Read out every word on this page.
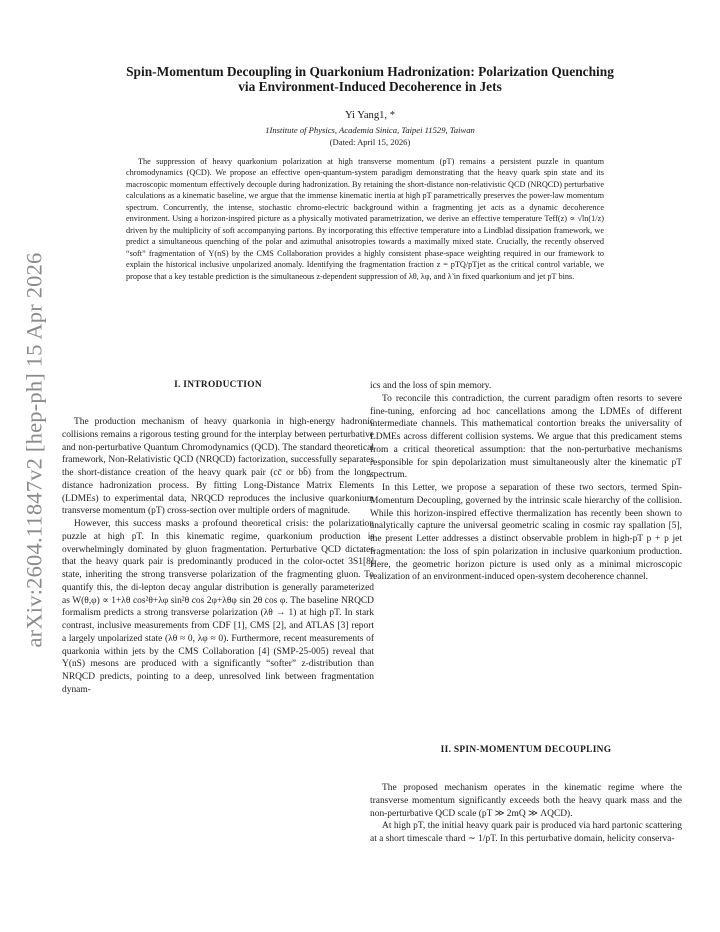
arXiv:2604.11847v2 [hep-ph] 15 Apr 2026
Spin-Momentum Decoupling in Quarkonium Hadronization: Polarization Quenching
via Environment-Induced Decoherence in Jets
Yi Yang1, *
1Institute of Physics, Academia Sinica, Taipei 11529, Taiwan
(Dated: April 15, 2026)

The suppression of heavy quarkonium polarization at high transverse momentum (pT) remains a persistent puzzle in quantum chromodynamics (QCD). We propose an effective open-quantum-system paradigm demonstrating that the heavy quark spin state and its macroscopic momentum effectively decouple during hadronization. By retaining the short-distance non-relativistic QCD (NRQCD) perturbative calculations as a kinematic baseline, we argue that the immense kinematic inertia at high pT parametrically preserves the power-law momentum spectrum. Concurrently, the intense, stochastic chromo-electric background within a fragmenting jet acts as a dynamic decoherence environment. Using a horizon-inspired picture as a physically motivated parametrization, we derive an effective temperature Teff(z) ∝ √ln(1/z) driven by the multiplicity of soft accompanying partons. By incorporating this effective temperature into a Lindblad dissipation framework, we predict a simultaneous quenching of the polar and azimuthal anisotropies towards a maximally mixed state. Crucially, the recently observed “soft” fragmentation of Υ(nS) by the CMS Collaboration provides a highly consistent phase-space weighting required in our framework to explain the historical inclusive unpolarized anomaly. Identifying the fragmentation fraction z = pTQ/pTjet as the critical control variable, we propose that a key testable prediction is the simultaneous z-dependent suppression of λθ, λφ, and λ̃ in fixed quarkonium and jet pT bins.

I. INTRODUCTION

The production mechanism of heavy quarkonia in high-energy hadronic collisions remains a rigorous testing ground for the interplay between perturbative and non-perturbative Quantum Chromodynamics (QCD). The standard theoretical framework, Non-Relativistic QCD (NRQCD) factorization, successfully separates the short-distance creation of the heavy quark pair (cc̄ or bb̄) from the long-distance hadronization process. By fitting Long-Distance Matrix Elements (LDMEs) to experimental data, NRQCD reproduces the inclusive quarkonium transverse momentum (pT) cross-section over multiple orders of magnitude.

However, this success masks a profound theoretical crisis: the polarization puzzle at high pT. In this kinematic regime, quarkonium production is overwhelmingly dominated by gluon fragmentation. Perturbative QCD dictates that the heavy quark pair is predominantly produced in the color-octet 3S1[8] state, inheriting the strong transverse polarization of the fragmenting gluon. To quantify this, the di-lepton decay angular distribution is generally parameterized as W(θ,φ) ∝ 1+λθ cos²θ+λφ sin²θ cos 2φ+λθφ sin 2θ cos φ. The baseline NRQCD formalism predicts a strong transverse polarization (λθ → 1) at high pT. In stark contrast, inclusive measurements from CDF [1], CMS [2], and ATLAS [3] report a largely unpolarized state (λθ ≈ 0, λφ ≈ 0). Furthermore, recent measurements of quarkonia within jets by the CMS Collaboration [4] (SMP-25-005) reveal that Υ(nS) mesons are produced with a significantly “softer” z-distribution than NRQCD predicts, pointing to a deep, unresolved link between fragmentation dynam-

ics and the loss of spin memory.

To reconcile this contradiction, the current paradigm often resorts to severe fine-tuning, enforcing ad hoc cancellations among the LDMEs of different intermediate channels. This mathematical contortion breaks the universality of LDMEs across different collision systems. We argue that this predicament stems from a critical theoretical assumption: that the non-perturbative mechanisms responsible for spin depolarization must simultaneously alter the kinematic pT spectrum.

In this Letter, we propose a separation of these two sectors, termed Spin-Momentum Decoupling, governed by the intrinsic scale hierarchy of the collision. While this horizon-inspired effective thermalization has recently been shown to analytically capture the universal geometric scaling in cosmic ray spallation [5], the present Letter addresses a distinct observable problem in high-pT p + p jet fragmentation: the loss of spin polarization in inclusive quarkonium production. Here, the geometric horizon picture is used only as a minimal microscopic realization of an environment-induced open-system decoherence channel.

II. SPIN-MOMENTUM DECOUPLING

The proposed mechanism operates in the kinematic regime where the transverse momentum significantly exceeds both the heavy quark mass and the non-perturbative QCD scale (pT ≫ 2mQ ≫ ΛQCD).

At high pT, the initial heavy quark pair is produced via hard partonic scattering at a short timescale τhard ∼ 1/pT. In this perturbative domain, helicity conserva-
